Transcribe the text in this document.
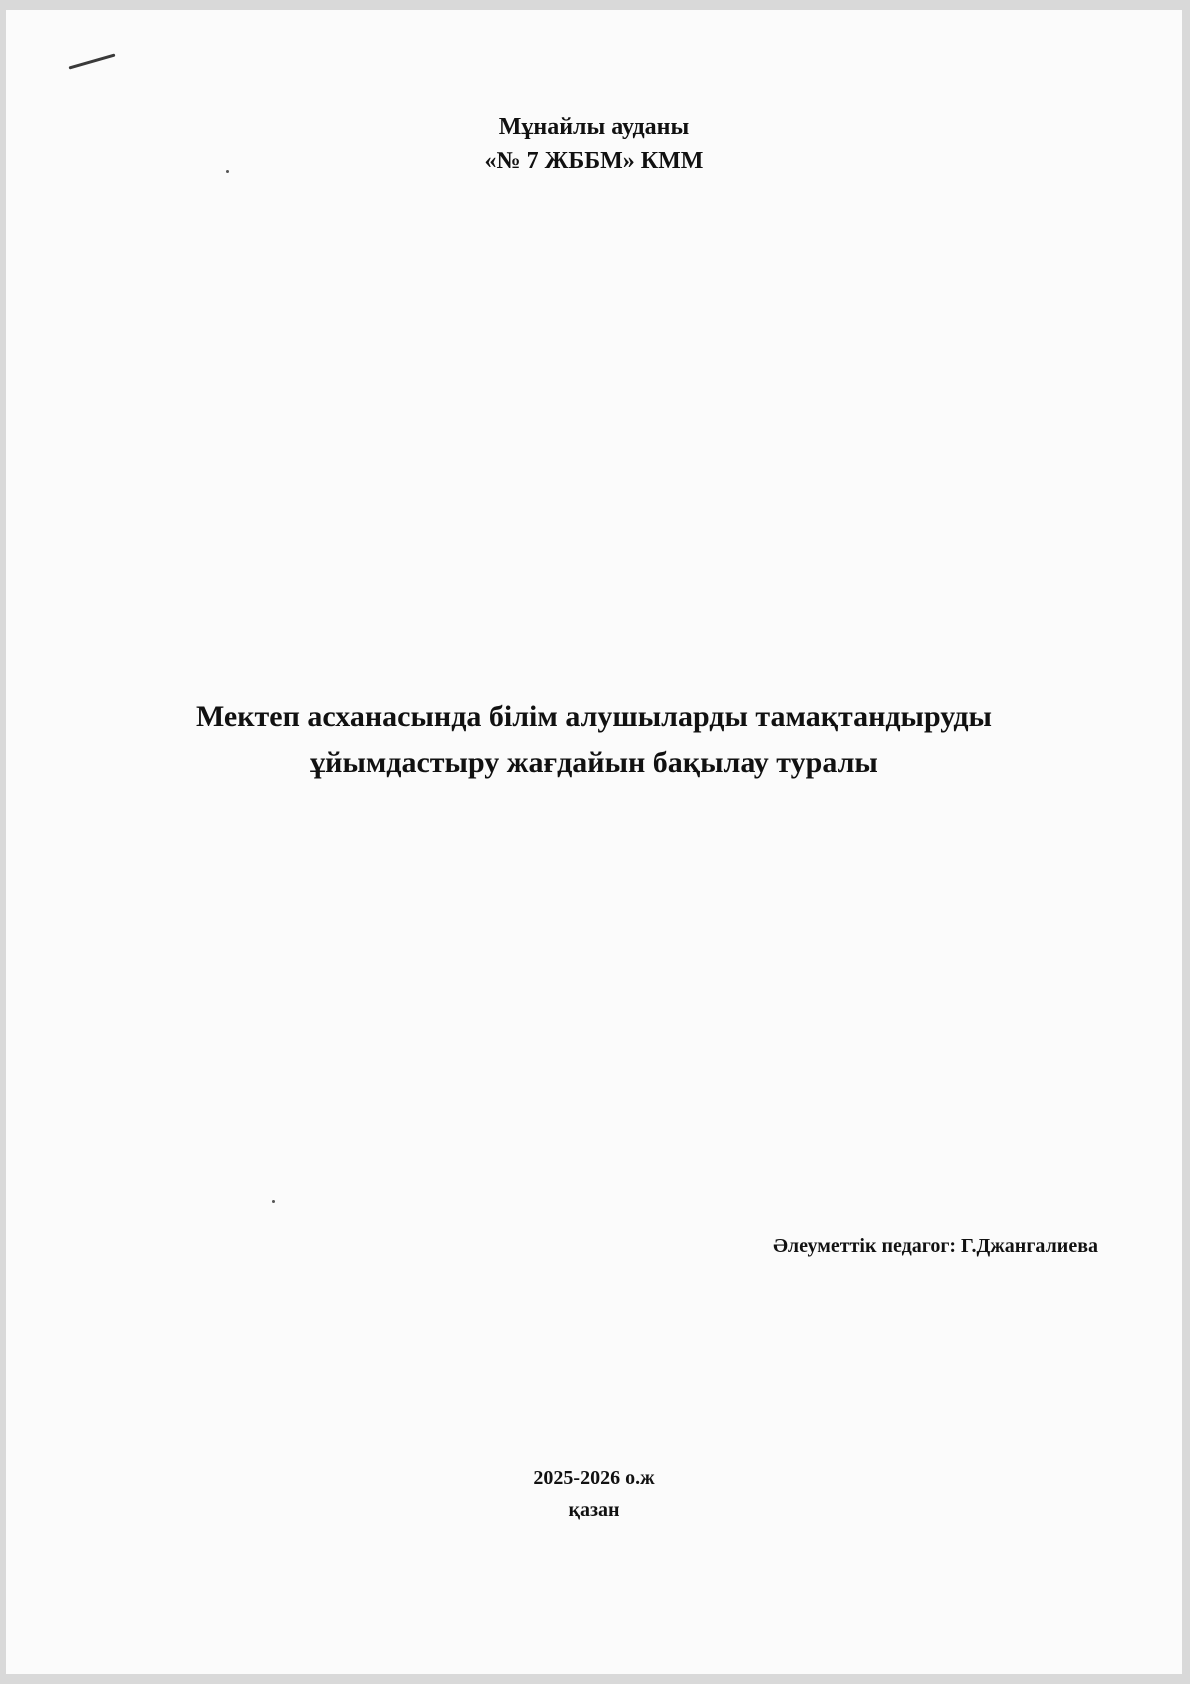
Мұнайлы ауданы
«№ 7 ЖББМ» КММ
Мектеп асханасында білім алушыларды тамақтандыруды
ұйымдастыру жағдайын бақылау туралы
Әлеуметтік педагог: Г.Джангалиева
2025-2026 о.ж
қазан
